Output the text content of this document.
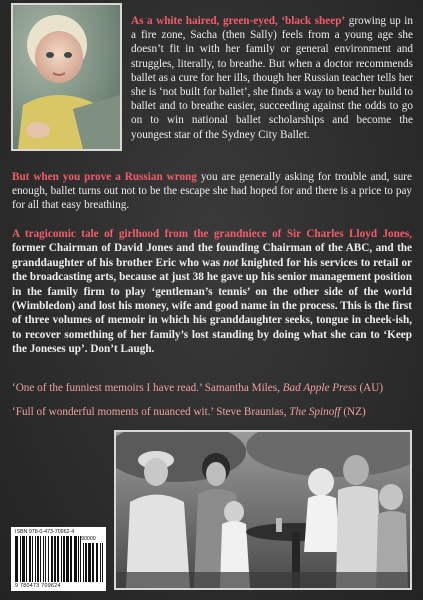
As a white haired, green-eyed, ‘black sheep’ growing up in a fire zone, Sacha (then Sally) feels from a young age she doesn’t fit in with her family or general environment and struggles, literally, to breathe. But when a doctor recommends ballet as a cure for her ills, though her Russian teacher tells her she is ‘not built for ballet’, she finds a way to bend her build to ballet and to breathe easier, succeeding against the odds to go on to win national ballet scholarships and become the youngest star of the Sydney City Ballet.

But when you prove a Russian wrong you are generally asking for trouble and, sure enough, ballet turns out not to be the escape she had hoped for and there is a price to pay for all that easy breathing.

A tragicomic tale of girlhood from the grandniece of Sir Charles Lloyd Jones, former Chairman of David Jones and the founding Chairman of the ABC, and the granddaughter of his brother Eric who was not knighted for his services to retail or the broadcasting arts, because at just 38 he gave up his senior management position in the family firm to play ‘gentleman’s tennis’ on the other side of the world (Wimbledon) and lost his money, wife and good name in the process. This is the first of three volumes of memoir in which his granddaughter seeks, tongue in cheek-ish, to recover something of her family’s lost standing by doing what she can to ‘Keep the Joneses up’. Don’t Laugh.

‘One of the funniest memoirs I have read.’ Samantha Miles, Bad Apple Press (AU)

‘Full of wonderful moments of nuanced wit.’ Steve Braunias, The Spinoff (NZ)

ISBN 978-0-473-70962-4
90000
9 780473 709624
